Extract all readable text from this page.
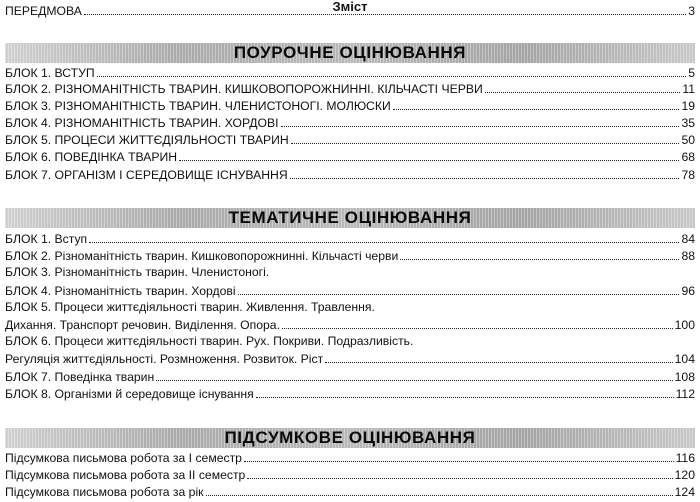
Зміст
ПЕРЕДМОВА	3
ПОУРОЧНЕ ОЦІНЮВАННЯ
БЛОК 1. ВСТУП	5
БЛОК 2. РІЗНОМАНІТНІСТЬ ТВАРИН. КИШКОВОПОРОЖНИННІ. КІЛЬЧАСТІ ЧЕРВИ	11
БЛОК 3. РІЗНОМАНІТНІСТЬ ТВАРИН. ЧЛЕНИСТОНОГІ. МОЛЮСКИ	19
БЛОК 4. РІЗНОМАНІТНІСТЬ ТВАРИН. ХОРДОВІ	35
БЛОК 5. ПРОЦЕСИ ЖИТТЄДІЯЛЬНОСТІ ТВАРИН	50
БЛОК 6. ПОВЕДІНКА ТВАРИН	68
БЛОК 7. ОРГАНІЗМ І СЕРЕДОВИЩЕ ІСНУВАННЯ	78
ТЕМАТИЧНЕ ОЦІНЮВАННЯ
БЛОК 1. Вступ	84
БЛОК 2. Різноманітність тварин. Кишковопорожнинні. Кільчасті черви	88
БЛОК 3. Різноманітність тварин. Членистоногі.
БЛОК 4. Різноманітність тварин. Хордові	96
БЛОК 5. Процеси життєдіяльності тварин. Живлення. Травлення.
Дихання. Транспорт речовин. Виділення. Опора.	100
БЛОК 6. Процеси життєдіяльності тварин. Рух. Покриви. Подразливість.
Регуляція життєдіяльності. Розмноження. Розвиток. Ріст	104
БЛОК 7. Поведінка тварин	108
БЛОК 8. Організми й середовище існування	112
ПІДСУМКОВЕ ОЦІНЮВАННЯ
Підсумкова письмова робота за І семестр	116
Підсумкова письмова робота за ІІ семестр	120
Підсумкова письмова робота за рік	124
